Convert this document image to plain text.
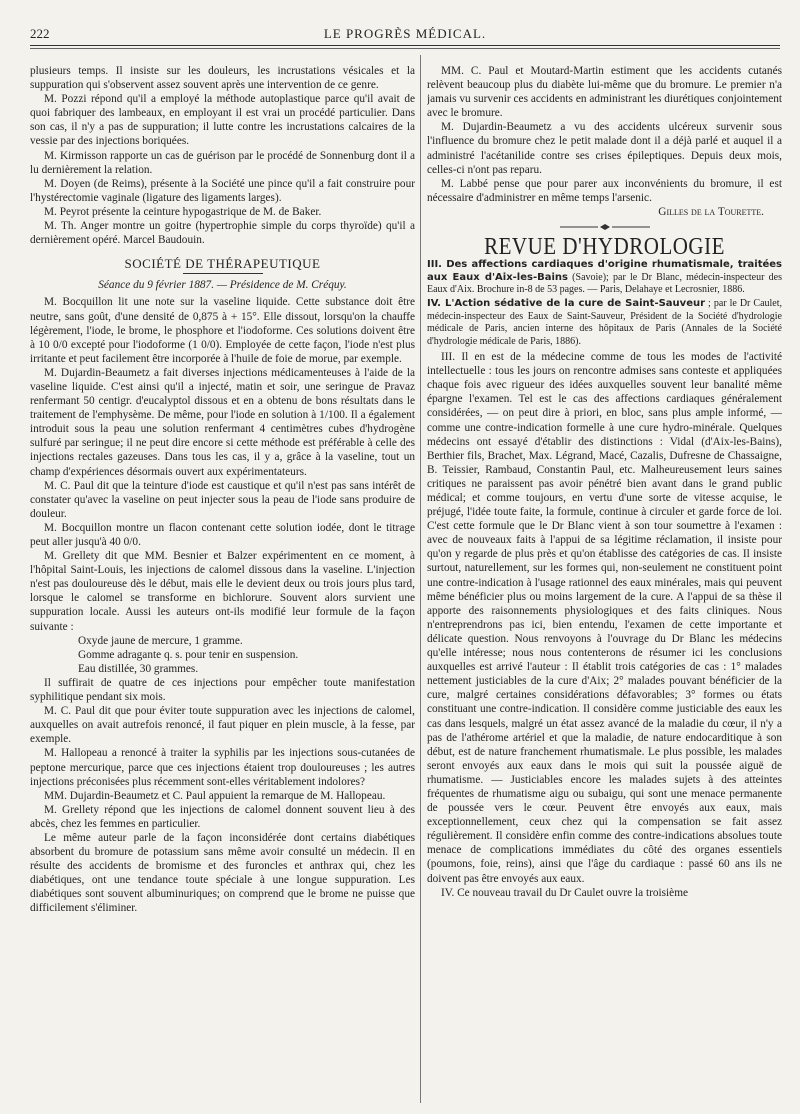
222	LE PROGRÈS MÉDICAL.

plusieurs temps. Il insiste sur les douleurs, les incrustations vésicales et la suppuration qui s'observent assez souvent après une intervention de ce genre.

M. Pozzi répond qu'il a employé la méthode autoplastique parce qu'il avait de quoi fabriquer des lambeaux, en employant il est vrai un procédé particulier. Dans son cas, il n'y a pas de suppuration; il lutte contre les incrustations calcaires de la vessie par des injections boriquées.

M. Kirmisson rapporte un cas de guérison par le procédé de Sonnenburg dont il a lu dernièrement la relation.

M. Doyen (de Reims), présente à la Société une pince qu'il a fait construire pour l'hystérectomie vaginale (ligature des ligaments larges).

M. Peyrot présente la ceinture hypogastrique de M. de Baker.

M. Th. Anger montre un goitre (hypertrophie simple du corps thyroïde) qu'il a dernièrement opéré. Marcel Baudouin.

SOCIÉTÉ DE THÉRAPEUTIQUE
Séance du 9 février 1887. — Présidence de M. Créquy.

M. Bocquillon lit une note sur la vaseline liquide. Cette substance doit être neutre, sans goût, d'une densité de 0,875 à + 15°. Elle dissout, lorsqu'on la chauffe légèrement, l'iode, le brome, le phosphore et l'iodoforme. Ces solutions doivent être à 10 0/0 excepté pour l'iodoforme (1 0/0). Employée de cette façon, l'iode n'est plus irritante et peut facilement être incorporée à l'huile de foie de morue, par exemple.

M. Dujardin-Beaumetz a fait diverses injections médicamenteuses à l'aide de la vaseline liquide. C'est ainsi qu'il a injecté, matin et soir, une seringue de Pravaz renfermant 50 centigr. d'eucalyptol dissous et en a obtenu de bons résultats dans le traitement de l'emphysème. De même, pour l'iode en solution à 1/100. Il a également introduit sous la peau une solution renfermant 4 centimètres cubes d'hydrogène sulfuré par seringue; il ne peut dire encore si cette méthode est préférable à celle des injections rectales gazeuses. Dans tous les cas, il y a, grâce à la vaseline, tout un champ d'expériences désormais ouvert aux expérimentateurs.

M. C. Paul dit que la teinture d'iode est caustique et qu'il n'est pas sans intérêt de constater qu'avec la vaseline on peut injecter sous la peau de l'iode sans produire de douleur.

M. Bocquillon montre un flacon contenant cette solution iodée, dont le titrage peut aller jusqu'à 40 0/0.

M. Grellety dit que MM. Besnier et Balzer expérimentent en ce moment, à l'hôpital Saint-Louis, les injections de calomel dissous dans la vaseline. L'injection n'est pas douloureuse dès le début, mais elle le devient deux ou trois jours plus tard, lorsque le calomel se transforme en bichlorure. Souvent alors survient une suppuration locale. Aussi les auteurs ont-ils modifié leur formule de la façon suivante :

Oxyde jaune de mercure, 1 gramme.

Gomme adragante q. s. pour tenir en suspension.

Eau distillée, 30 grammes.

Il suffirait de quatre de ces injections pour empêcher toute manifestation syphilitique pendant six mois.

M. C. Paul dit que pour éviter toute suppuration avec les injections de calomel, auxquelles on avait autrefois renoncé, il faut piquer en plein muscle, à la fesse, par exemple.

M. Hallopeau a renoncé à traiter la syphilis par les injections sous-cutanées de peptone mercurique, parce que ces injections étaient trop douloureuses ; les autres injections préconisées plus récemment sont-elles véritablement indolores?

MM. Dujardin-Beaumetz et C. Paul appuient la remarque de M. Hallopeau.

M. Grellety répond que les injections de calomel donnent souvent lieu à des abcès, chez les femmes en particulier.

Le même auteur parle de la façon inconsidérée dont certains diabétiques absorbent du bromure de potassium sans même avoir consulté un médecin. Il en résulte des accidents de bromisme et des furoncles et anthrax qui, chez les diabétiques, ont une tendance toute spéciale à une longue suppuration. Les diabétiques sont souvent albuminuriques; on comprend que le brome ne puisse que difficilement s'éliminer.

MM. C. Paul et Moutard-Martin estiment que les accidents cutanés relèvent beaucoup plus du diabète lui-même que du bromure. Le premier n'a jamais vu survenir ces accidents en administrant les diurétiques conjointement avec le bromure.

M. Dujardin-Beaumetz a vu des accidents ulcéreux survenir sous l'influence du bromure chez le petit malade dont il a déjà parlé et auquel il a administré l'acétanilide contre ses crises épileptiques. Depuis deux mois, celles-ci n'ont pas reparu.

M. Labbé pense que pour parer aux inconvénients du bromure, il est nécessaire d'administrer en même temps l'arsenic.

Gilles de la Tourette.
REVUE D'HYDROLOGIE

III. Des affections cardiaques d'origine rhumatismale, traitées aux Eaux d'Aix-les-Bains (Savoie); par le Dr Blanc, médecin-inspecteur des Eaux d'Aix. Brochure in-8 de 53 pages. — Paris, Delahaye et Lecrosnier, 1886.

IV. L'Action sédative de la cure de Saint-Sauveur ; par le Dr Caulet, médecin-inspecteur des Eaux de Saint-Sauveur, Président de la Société d'hydrologie médicale de Paris, ancien interne des hôpitaux de Paris (Annales de la Société d'hydrologie médicale de Paris, 1886).

III. Il en est de la médecine comme de tous les modes de l'activité intellectuelle : tous les jours on rencontre admises sans conteste et appliquées chaque fois avec rigueur des idées auxquelles souvent leur banalité même épargne l'examen. Tel est le cas des affections cardiaques généralement considérées, — on peut dire à priori, en bloc, sans plus ample informé, — comme une contre-indication formelle à une cure hydro-minérale. Quelques médecins ont essayé d'établir des distinctions : Vidal (d'Aix-les-Bains), Berthier fils, Brachet, Max. Légrand, Macé, Cazalis, Dufresne de Chassaigne, B. Teissier, Rambaud, Constantin Paul, etc. Malheureusement leurs saines critiques ne paraissent pas avoir pénétré bien avant dans le grand public médical; et comme toujours, en vertu d'une sorte de vitesse acquise, le préjugé, l'idée toute faite, la formule, continue à circuler et garde force de loi. C'est cette formule que le Dr Blanc vient à son tour soumettre à l'examen : avec de nouveaux faits à l'appui de sa légitime réclamation, il insiste pour qu'on y regarde de plus près et qu'on établisse des catégories de cas. Il insiste surtout, naturellement, sur les formes qui, non-seulement ne constituent point une contre-indication à l'usage rationnel des eaux minérales, mais qui peuvent même bénéficier plus ou moins largement de la cure. A l'appui de sa thèse il apporte des raisonnements physiologiques et des faits cliniques. Nous n'entreprendrons pas ici, bien entendu, l'examen de cette importante et délicate question. Nous renvoyons à l'ouvrage du Dr Blanc les médecins qu'elle intéresse; nous nous contenterons de résumer ici les conclusions auxquelles est arrivé l'auteur : Il établit trois catégories de cas : 1° malades nettement justiciables de la cure d'Aix; 2° malades pouvant bénéficier de la cure, malgré certaines considérations défavorables; 3° formes ou états constituant une contre-indication. Il considère comme justiciable des eaux les cas dans lesquels, malgré un état assez avancé de la maladie du cœur, il n'y a pas de l'athérome artériel et que la maladie, de nature endocarditique à son début, est de nature franchement rhumatismale. Le plus possible, les malades seront envoyés aux eaux dans le mois qui suit la poussée aiguë de rhumatisme. — Justiciables encore les malades sujets à des atteintes fréquentes de rhumatisme aigu ou subaigu, qui sont une menace permanente de poussée vers le cœur. Peuvent être envoyés aux eaux, mais exceptionnellement, ceux chez qui la compensation se fait assez régulièrement. Il considère enfin comme des contre-indications absolues toute menace de complications immédiates du côté des organes essentiels (poumons, foie, reins), ainsi que l'âge du cardiaque : passé 60 ans ils ne doivent pas être envoyés aux eaux.

IV. Ce nouveau travail du Dr Caulet ouvre la troisième
